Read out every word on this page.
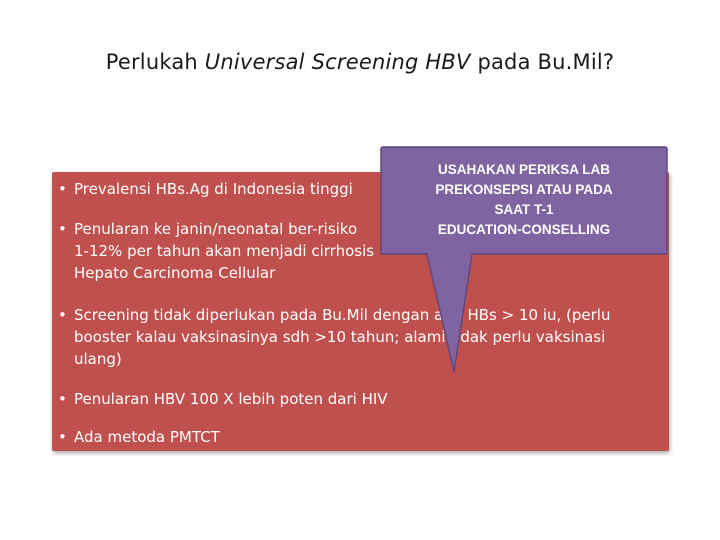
Perlukah Universal Screening HBV pada Bu.Mil?
• Prevalensi HBs.Ag di Indonesia tinggi
• Penularan ke janin/neonatal ber-risiko
1-12% per tahun akan menjadi cirrhosis
Hepato Carcinoma Cellular
• Screening tidak diperlukan pada Bu.Mil dengan anti HBs > 10 iu, (perlu
booster kalau vaksinasinya sdh >10 tahun; alami tidak perlu vaksinasi
ulang)
• Penularan HBV 100 X lebih poten dari HIV
• Ada metoda PMTCT
USAHAKAN PERIKSA LAB
PREKONSEPSI ATAU PADA
SAAT T-1
EDUCATION-CONSELLING
